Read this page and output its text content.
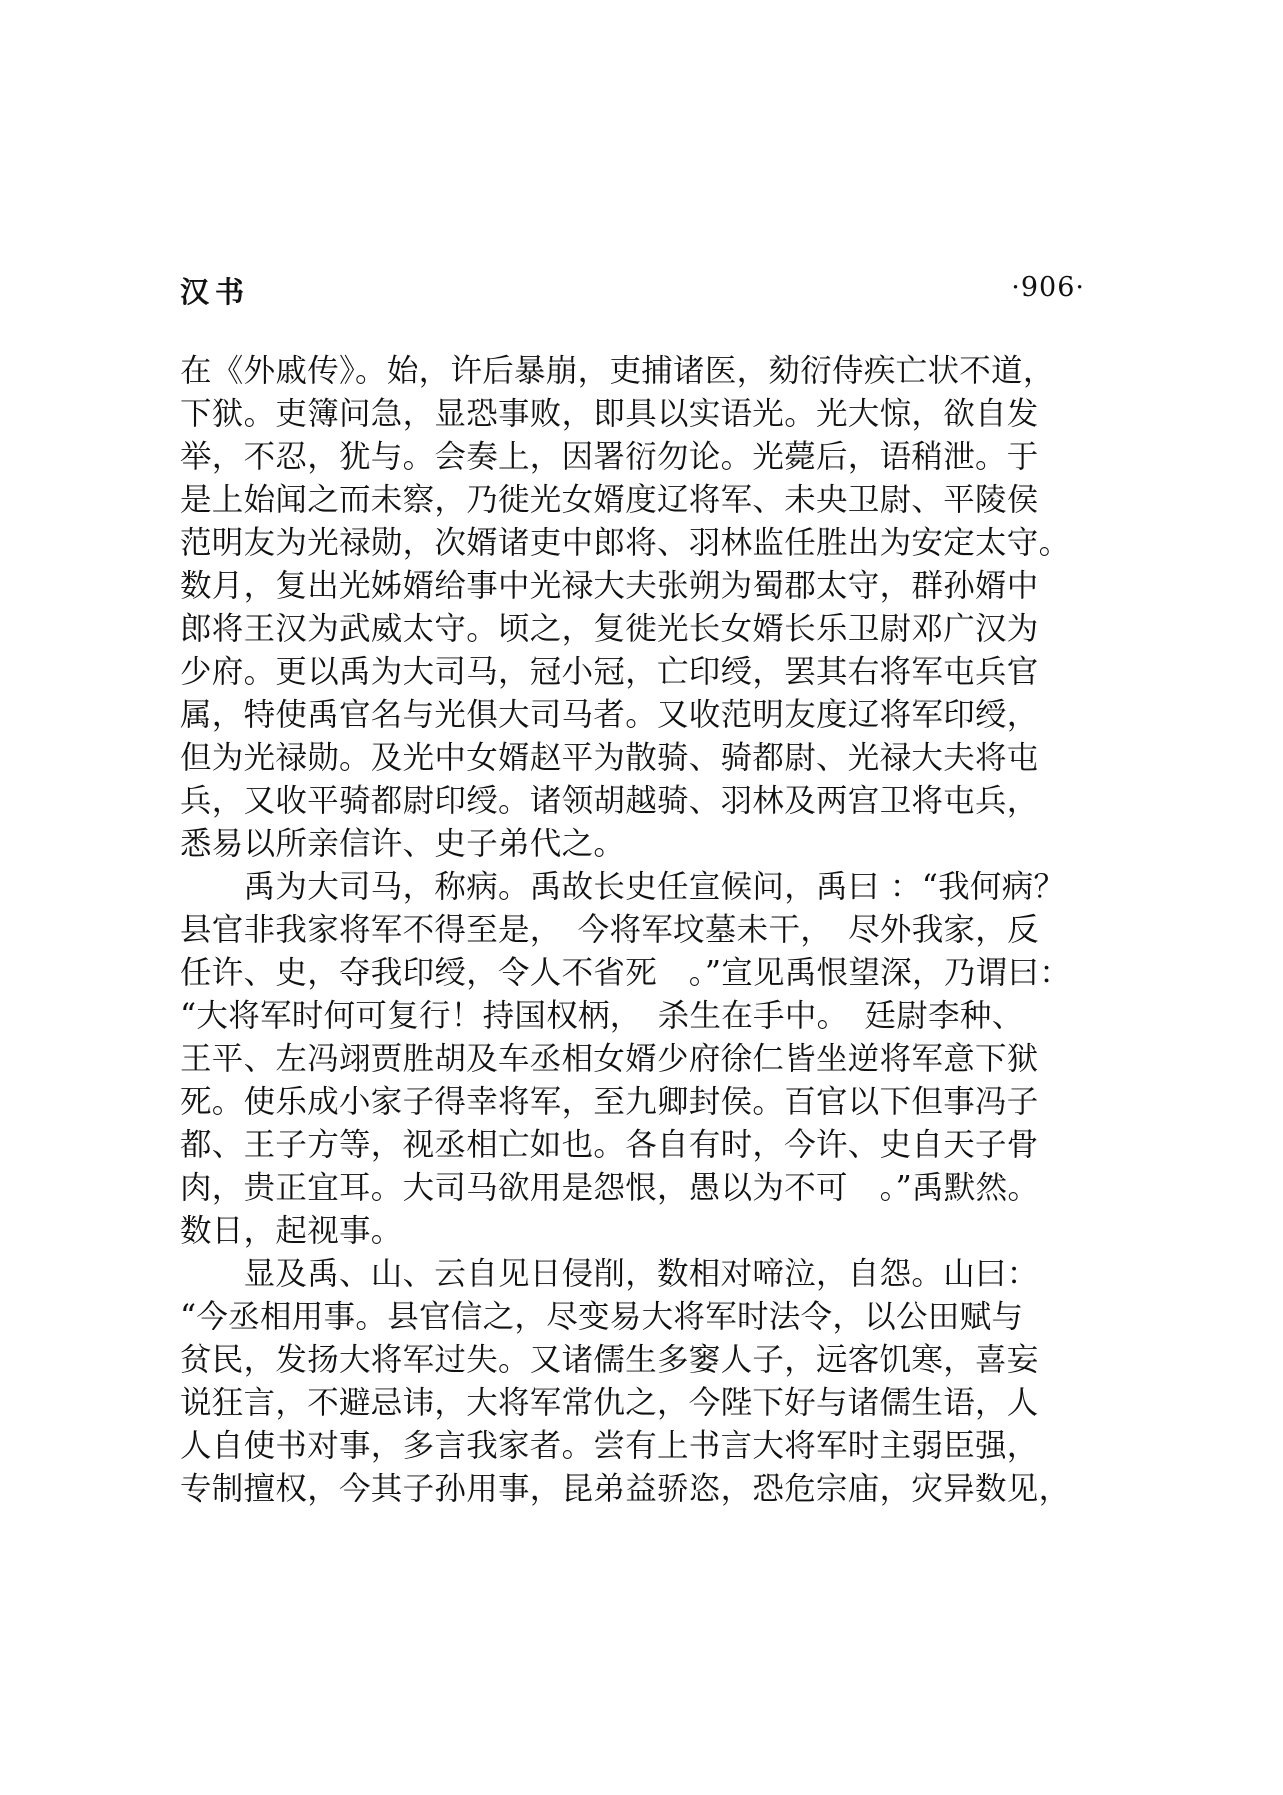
汉书	·906·
在《外戚传》。始，许后暴崩，吏捕诸医，劾衍侍疾亡状不道，
下狱。吏簿问急，显恐事败，即具以实语光。光大惊，欲自发
举，不忍，犹与。会奏上，因署衍勿论。光薨后，语稍泄。于
是上始闻之而未察，乃徙光女婿度辽将军、未央卫尉、平陵侯
范明友为光禄勋，次婿诸吏中郎将、羽林监任胜出为安定太守。
数月，复出光姊婿给事中光禄大夫张朔为蜀郡太守，群孙婿中
郎将王汉为武威太守。顷之，复徙光长女婿长乐卫尉邓广汉为
少府。更以禹为大司马，冠小冠，亡印绶，罢其右将军屯兵官
属，特使禹官名与光俱大司马者。又收范明友度辽将军印绶，
但为光禄勋。及光中女婿赵平为散骑、骑都尉、光禄大夫将屯
兵，又收平骑都尉印绶。诸领胡越骑、羽林及两宫卫将屯兵，
悉易以所亲信许、史子弟代之。
　　禹为大司马，称病。禹故长史任宣候问，禹曰 ：“我何病？
县官非我家将军不得至是，　今将军坟墓未干，　尽外我家，反
任许、史，夺我印绶，令人不省死　。”宣见禹恨望深，乃谓曰：
“大将军时何可复行！持国权柄，　杀生在手中。　廷尉李种、
王平、左冯翊贾胜胡及车丞相女婿少府徐仁皆坐逆将军意下狱
死。使乐成小家子得幸将军，至九卿封侯。百官以下但事冯子
都、王子方等，视丞相亡如也。各自有时，今许、史自天子骨
肉，贵正宜耳。大司马欲用是怨恨，愚以为不可　。”禹默然。
数日，起视事。
　　显及禹、山、云自见日侵削，数相对啼泣，自怨。山曰：
“今丞相用事。县官信之，尽变易大将军时法令，以公田赋与
贫民，发扬大将军过失。又诸儒生多窭人子，远客饥寒，喜妄
说狂言，不避忌讳，大将军常仇之，今陛下好与诸儒生语，人
人自使书对事，多言我家者。尝有上书言大将军时主弱臣强，
专制擅权，今其子孙用事，昆弟益骄恣，恐危宗庙，灾异数见，
